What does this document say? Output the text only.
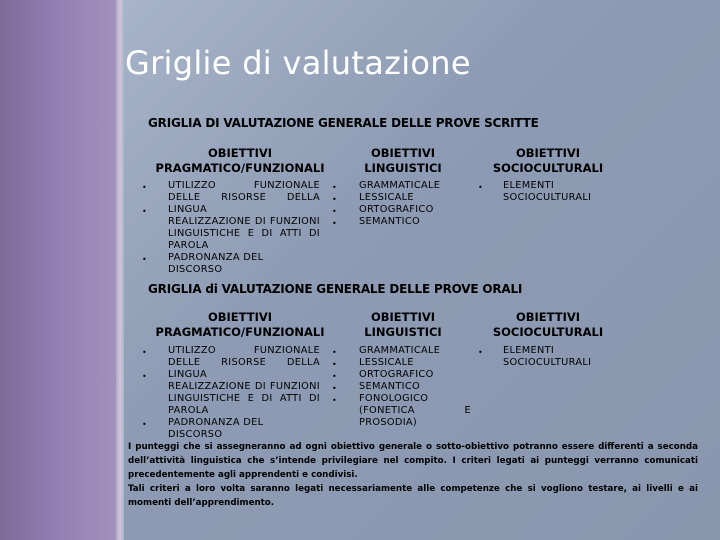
Griglie di valutazione
GRIGLIA DI VALUTAZIONE GENERALE DELLE PROVE SCRITTE
OBIETTIVI
PRAGMATICO/FUNZIONALI
OBIETTIVI LINGUISTICI
OBIETTIVI
SOCIOCULTURALI
UTILIZZO FUNZIONALE DELLE RISORSE DELLA LINGUA
REALIZZAZIONE DI FUNZIONI LINGUISTICHE E DI ATTI DI PAROLA
PADRONANZA DEL DISCORSO
•
•
•
GRAMMATICALE
LESSICALE
ORTOGRAFICO
SEMANTICO
•
•
•
•
ELEMENTI SOCIOCULTURALI
•
GRIGLIA di VALUTAZIONE GENERALE DELLE PROVE ORALI
OBIETTIVI
PRAGMATICO/FUNZIONALI
OBIETTIVI LINGUISTICI
OBIETTIVI
SOCIOCULTURALI
UTILIZZO FUNZIONALE DELLE RISORSE DELLA LINGUA
REALIZZAZIONE DI FUNZIONI LINGUISTICHE E DI ATTI DI PAROLA
PADRONANZA DEL DISCORSO
•
•
•
GRAMMATICALE
LESSICALE
ORTOGRAFICO
SEMANTICO
FONOLOGICO (FONETICA E PROSODIA)
•
•
•
•
•
ELEMENTI SOCIOCULTURALI
•

I punteggi che si assegneranno ad ogni obiettivo generale o sotto-obiettivo potranno essere differenti a seconda dell’attività linguistica che s’intende privilegiare nel compito. I criteri legati ai punteggi verranno comunicati precedentemente agli apprendenti e condivisi.

Tali criteri a loro volta saranno legati necessariamente alle competenze che si vogliono testare, ai livelli e ai momenti dell’apprendimento.
